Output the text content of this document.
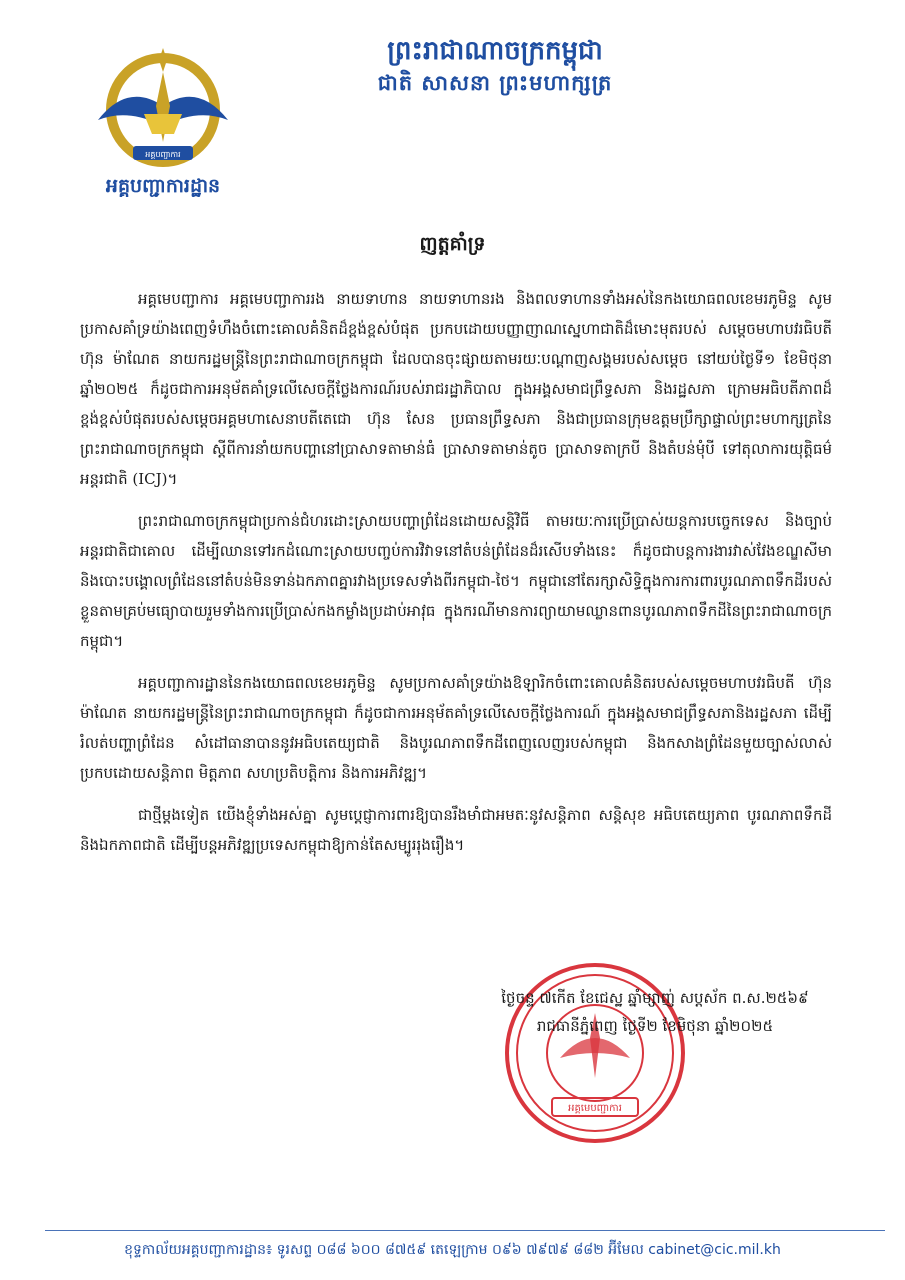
អគ្គបញ្ជាការ
អគ្គបញ្ជាការដ្ឋាន
ព្រះរាជាណាចក្រកម្ពុជា
ជាតិ សាសនា ព្រះមហាក្សត្រ
ញត្តគាំទ្រ

អគ្គមេបញ្ជាការ អគ្គមេបញ្ជាការរង នាយទាហាន នាយទាហានរង និងពលទាហានទាំងអស់នៃកងយោធពលខេមរភូមិន្ទ សូមប្រកាសគាំទ្រយ៉ាងពេញទំហឹងចំពោះគោលគំនិតដ៏ខ្ពង់ខ្ពស់បំផុត ប្រកបដោយបញ្ញាញាណស្នេហាជាតិដ៏មោះមុតរបស់ សម្តេចមហាបវរធិបតី ហ៊ុន ម៉ាណែត នាយករដ្ឋមន្ត្រីនៃព្រះរាជាណាចក្រកម្ពុជា ដែលបានចុះផ្សាយតាមរយៈបណ្តាញសង្គមរបស់សម្តេច នៅយប់ថ្ងៃទី១ ខែមិថុនា ឆ្នាំ២០២៥ ក៏ដូចជាការអនុម័តគាំទ្រលើសេចក្តីថ្លែងការណ៍របស់រាជរដ្ឋាភិបាល ក្នុងអង្គសមាជព្រឹទ្ធសភា និងរដ្ឋសភា ក្រោមអធិបតីភាពដ៏ខ្ពង់ខ្ពស់បំផុតរបស់សម្តេចអគ្គមហាសេនាបតីតេជោ ហ៊ុន សែន ប្រធានព្រឹទ្ធសភា និងជាប្រធានក្រុមឧត្តមប្រឹក្សាផ្ទាល់ព្រះមហាក្សត្រនៃព្រះរាជាណាចក្រកម្ពុជា ស្តីពីការនាំយកបញ្ហានៅប្រាសាទតាមាន់ធំ ប្រាសាទតាមាន់តូច ប្រាសាទតាក្របី និងតំបន់មុំបី ទៅតុលាការយុត្តិធម៌អន្តរជាតិ (ICJ)។

ព្រះរាជាណាចក្រកម្ពុជាប្រកាន់ជំហរដោះស្រាយបញ្ហាព្រំដែនដោយសន្តិវិធី តាមរយៈការប្រើប្រាស់យន្តការបច្ចេកទេស និងច្បាប់អន្តរជាតិជាគោល ដើម្បីឈានទៅរកដំណោះស្រាយបញ្ចប់ការវិវាទនៅតំបន់ព្រំដែនដ៏រសើបទាំងនេះ ក៏ដូចជាបន្តការងារវាស់វែងខណ្ឌសីមា និងបោះបង្គោលព្រំដែននៅតំបន់មិនទាន់ឯកភាពគ្នារវាងប្រទេសទាំងពីរកម្ពុជា-ថៃ។ កម្ពុជានៅតែរក្សាសិទ្ធិក្នុងការការពារបូរណភាពទឹកដីរបស់ខ្លួនតាមគ្រប់មធ្យោបាយរួមទាំងការប្រើប្រាស់កងកម្លាំងប្រដាប់អាវុធ ក្នុងករណីមានការព្យាយាមឈ្លានពានបូរណភាពទឹកដីនៃព្រះរាជាណាចក្រកម្ពុជា។

អគ្គបញ្ជាការដ្ឋាននៃកងយោធពលខេមរភូមិន្ទ សូមប្រកាសគាំទ្រយ៉ាងឱឡារិកចំពោះគោលគំនិតរបស់សម្តេចមហាបវរធិបតី ហ៊ុន ម៉ាណែត នាយករដ្ឋមន្ត្រីនៃព្រះរាជាណាចក្រកម្ពុជា ក៏ដូចជាការអនុម័តគាំទ្រលើសេចក្តីថ្លែងការណ៍ ក្នុងអង្គសមាជព្រឹទ្ធសភានិងរដ្ឋសភា ដើម្បីរំលត់បញ្ហាព្រំដែន សំដៅធានាបាននូវអធិបតេយ្យជាតិ និងបូរណភាពទឹកដីពេញលេញរបស់កម្ពុជា និងកសាងព្រំដែនមួយច្បាស់លាស់ ប្រកបដោយសន្តិភាព មិត្តភាព សហប្រតិបត្តិការ និងការអភិវឌ្ឍ។

ជាថ្មីម្តងទៀត យើងខ្ញុំទាំងអស់គ្នា សូមប្តេជ្ញាការពារឱ្យបានរឹងមាំជាអមតៈនូវសន្តិភាព សន្តិសុខ អធិបតេយ្យភាព បូរណភាពទឹកដី និងឯកភាពជាតិ ដើម្បីបន្តអភិវឌ្ឍប្រទេសកម្ពុជាឱ្យកាន់តែសម្បូររុងរឿង។

អគ្គមេបញ្ជាការ
ថ្ងៃចន្ទ ៧កើត ខែជេស្ឋ ឆ្នាំម្សាញ់ សប្តស័ក ព.ស.២៥៦៩
រាជធានីភ្នំពេញ ថ្ងៃទី២ ខែមិថុនា ឆ្នាំ២០២៥
ខុទ្ទកាល័យអគ្គបញ្ជាការដ្ឋាន៖ ទូរសព្ទ ០៨៨ ៦០០ ៨៧៥៩ តេឡេក្រាម ០៩៦ ៧៩៧៩ ៨៨២ អ៊ីមែល cabinet@cic.mil.kh
